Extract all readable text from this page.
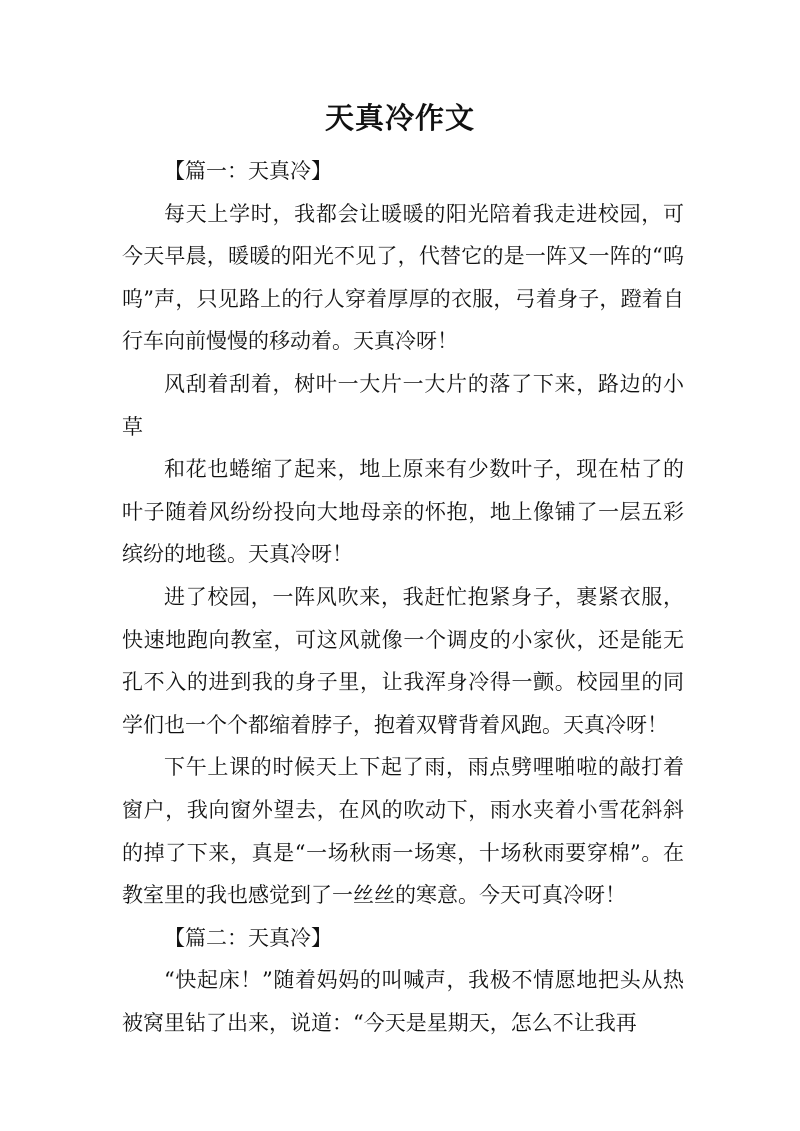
天真冷作文

【篇一：天真冷】

每天上学时，我都会让暖暖的阳光陪着我走进校园，可今天早晨，暖暖的阳光不见了，代替它的是一阵又一阵的“呜呜”声，只见路上的行人穿着厚厚的衣服，弓着身子，蹬着自行车向前慢慢的移动着。天真冷呀！

风刮着刮着，树叶一大片一大片的落了下来，路边的小草

和花也蜷缩了起来，地上原来有少数叶子，现在枯了的叶子随着风纷纷投向大地母亲的怀抱，地上像铺了一层五彩缤纷的地毯。天真冷呀！

进了校园，一阵风吹来，我赶忙抱紧身子，裹紧衣服，快速地跑向教室，可这风就像一个调皮的小家伙，还是能无孔不入的进到我的身子里，让我浑身冷得一颤。校园里的同学们也一个个都缩着脖子，抱着双臂背着风跑。天真冷呀！

下午上课的时候天上下起了雨，雨点劈哩啪啦的敲打着窗户，我向窗外望去，在风的吹动下，雨水夹着小雪花斜斜的掉了下来，真是“一场秋雨一场寒，十场秋雨要穿棉”。在教室里的我也感觉到了一丝丝的寒意。今天可真冷呀！

【篇二：天真冷】

“快起床！”随着妈妈的叫喊声，我极不情愿地把头从热被窝里钻了出来，说道：“今天是星期天，怎么不让我再
